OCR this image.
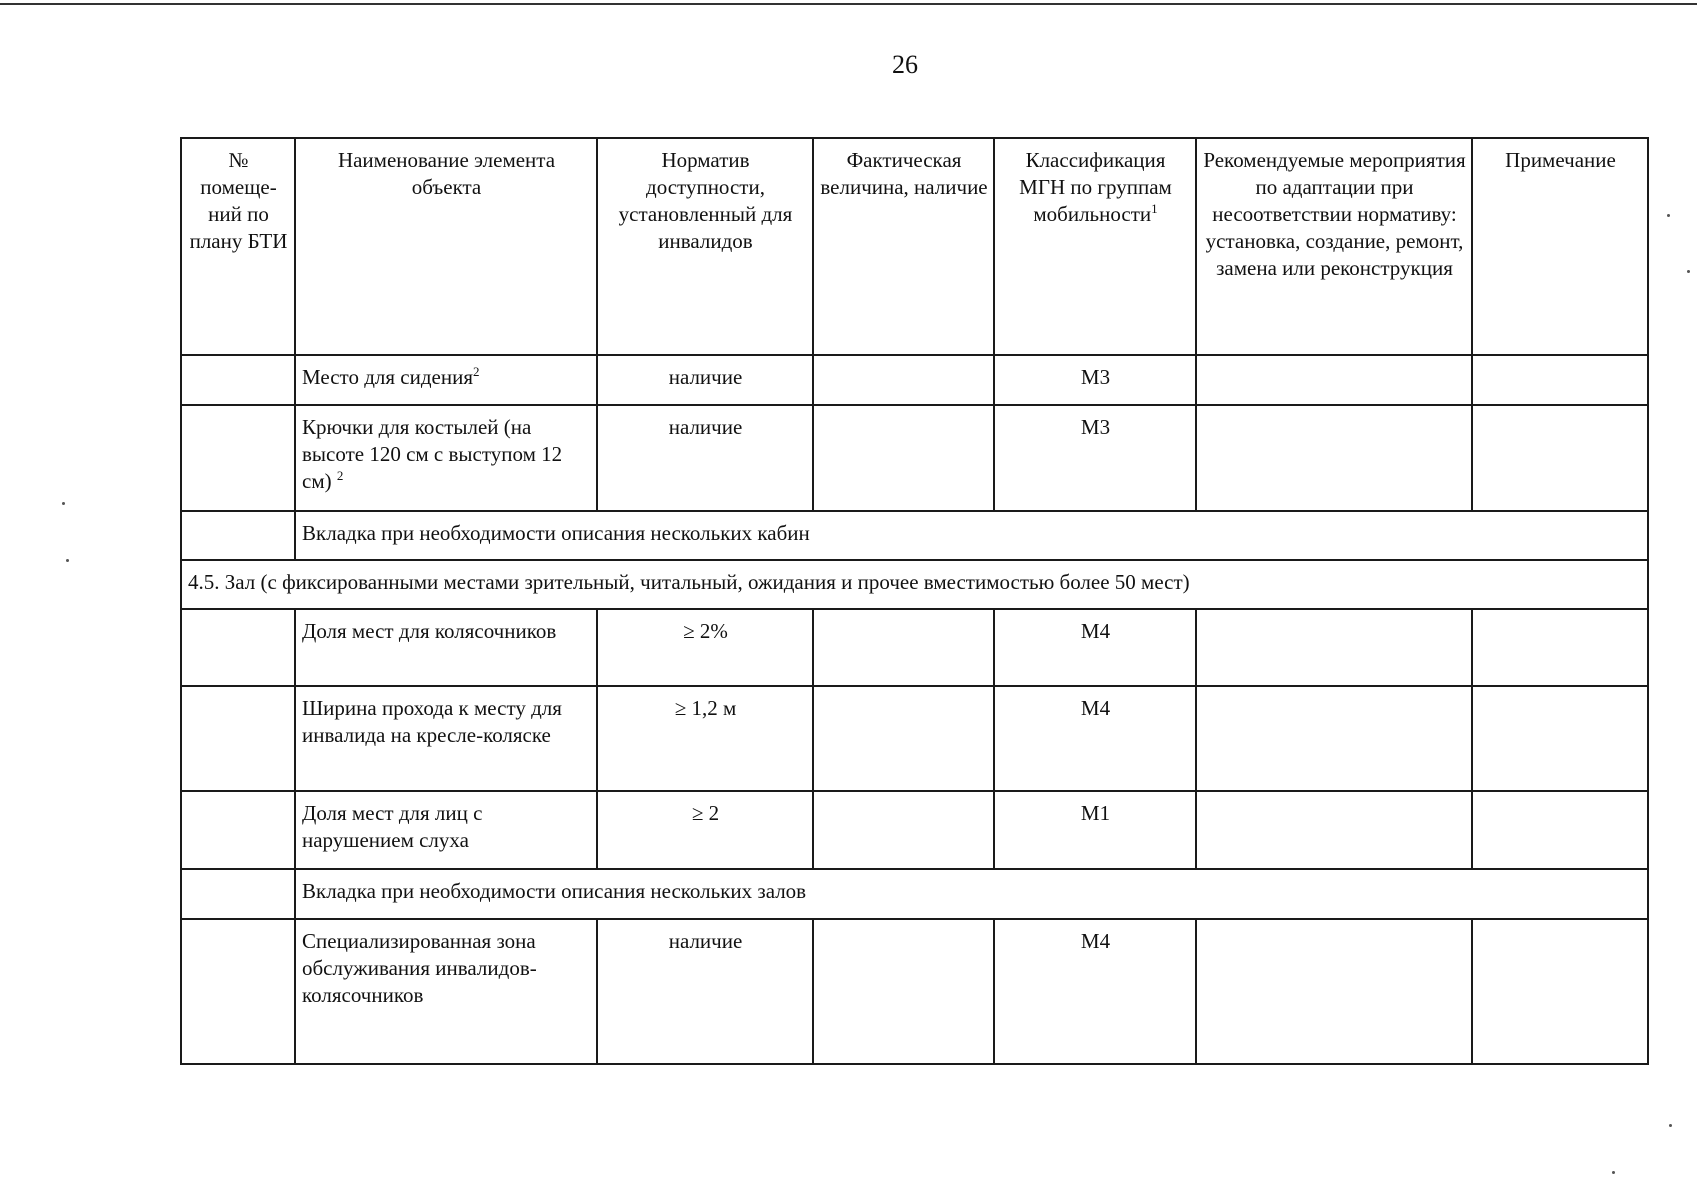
26
№ помеще-ний по плану БТИ	Наименование элемента объекта	Норматив доступности, установленный для инвалидов	Фактическая величина, наличие	Классификация МГН по группам мобильности$^1$	Рекомендуемые мероприятия по адаптации при несоответствии нормативу: установка, создание, ремонт, замена или реконструкция	Примечание
	Место для сидения$^2$	наличие		М3		
	Крючки для костылей (на высоте 120 см с выступом 12 см) $^2$	наличие		М3		
	Вкладка при необходимости описания нескольких кабин					
4.5. Зал (с фиксированными местами зрительный, читальный, ожидания и прочее вместимостью более 50 мест)						
	Доля мест для колясочников	≥ 2%		М4		
	Ширина прохода к месту для инвалида на кресле-коляске	≥ 1,2 м		М4		
	Доля мест для лиц с нарушением слуха	≥ 2		М1		
	Вкладка при необходимости описания нескольких залов					
	Специализированная зона обслуживания инвалидов-колясочников	наличие		М4		
